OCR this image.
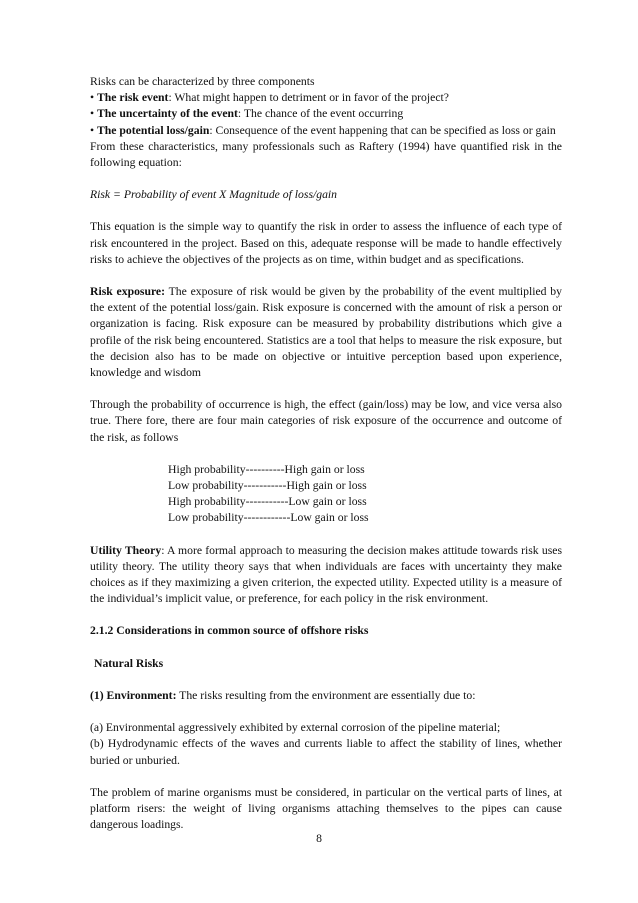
Risks can be characterized by three components

• The risk event: What might happen to detriment or in favor of the project?

• The uncertainty of the event: The chance of the event occurring

• The potential loss/gain: Consequence of the event happening that can be specified as loss or gain

From these characteristics, many professionals such as Raftery (1994) have quantified risk in the following equation:

Risk = Probability of event X Magnitude of loss/gain

This equation is the simple way to quantify the risk in order to assess the influence of each type of risk encountered in the project. Based on this, adequate response will be made to handle effectively risks to achieve the objectives of the projects as on time, within budget and as specifications.

Risk exposure: The exposure of risk would be given by the probability of the event multiplied by the extent of the potential loss/gain. Risk exposure is concerned with the amount of risk a person or organization is facing. Risk exposure can be measured by probability distributions which give a profile of the risk being encountered. Statistics are a tool that helps to measure the risk exposure, but the decision also has to be made on objective or intuitive perception based upon experience, knowledge and wisdom

Through the probability of occurrence is high, the effect (gain/loss) may be low, and vice versa also true. There fore, there are four main categories of risk exposure of the occurrence and outcome of the risk, as follows

High probability----------High gain or loss
Low probability-----------High gain or loss
High probability-----------Low gain or loss
Low probability------------Low gain or loss

Utility Theory: A more formal approach to measuring the decision makes attitude towards risk uses utility theory. The utility theory says that when individuals are faces with uncertainty they make choices as if they maximizing a given criterion, the expected utility. Expected utility is a measure of the individual’s implicit value, or preference, for each policy in the risk environment.

2.1.2 Considerations in common source of offshore risks

Natural Risks

(1) Environment: The risks resulting from the environment are essentially due to:

(a) Environmental aggressively exhibited by external corrosion of the pipeline material;

(b) Hydrodynamic effects of the waves and currents liable to affect the stability of lines, whether buried or unburied.

The problem of marine organisms must be considered, in particular on the vertical parts of lines, at platform risers: the weight of living organisms attaching themselves to the pipes can cause dangerous loadings.

8
